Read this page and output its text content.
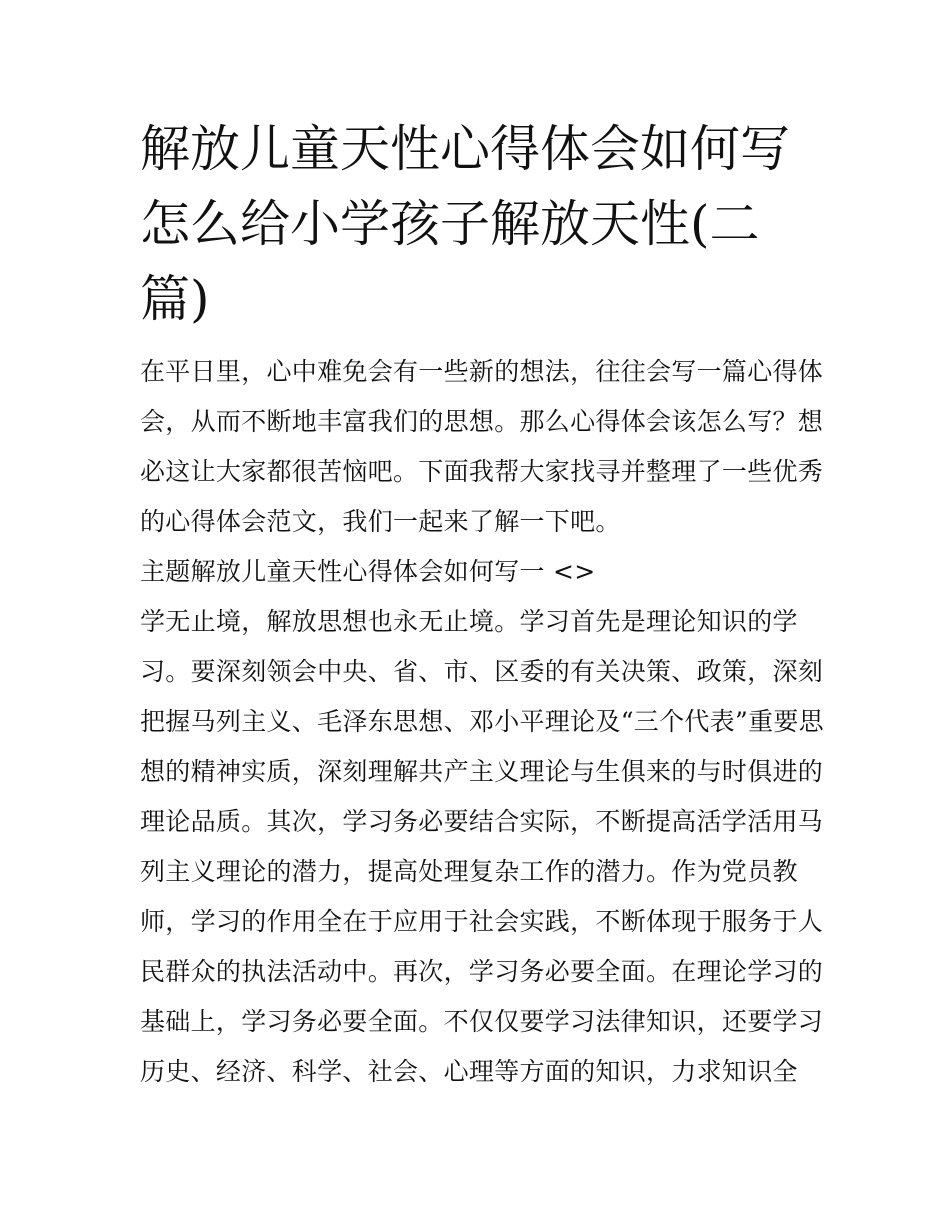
解放儿童天性心得体会如何写
怎么给小学孩子解放天性(二
篇)

在平日里，心中难免会有一些新的想法，往往会写一篇心得体
会，从而不断地丰富我们的思想。那么心得体会该怎么写？想
必这让大家都很苦恼吧。下面我帮大家找寻并整理了一些优秀
的心得体会范文，我们一起来了解一下吧。

主题解放儿童天性心得体会如何写一 <>

学无止境，解放思想也永无止境。学习首先是理论知识的学
习。要深刻领会中央、省、市、区委的有关决策、政策，深刻
把握马列主义、毛泽东思想、邓小平理论及“三个代表”重要思
想的精神实质，深刻理解共产主义理论与生俱来的与时俱进的
理论品质。其次，学习务必要结合实际，不断提高活学活用马
列主义理论的潜力，提高处理复杂工作的潜力。作为党员教
师，学习的作用全在于应用于社会实践，不断体现于服务于人
民群众的执法活动中。再次，学习务必要全面。在理论学习的
基础上，学习务必要全面。不仅仅要学习法律知识，还要学习
历史、经济、科学、社会、心理等方面的知识，力求知识全
